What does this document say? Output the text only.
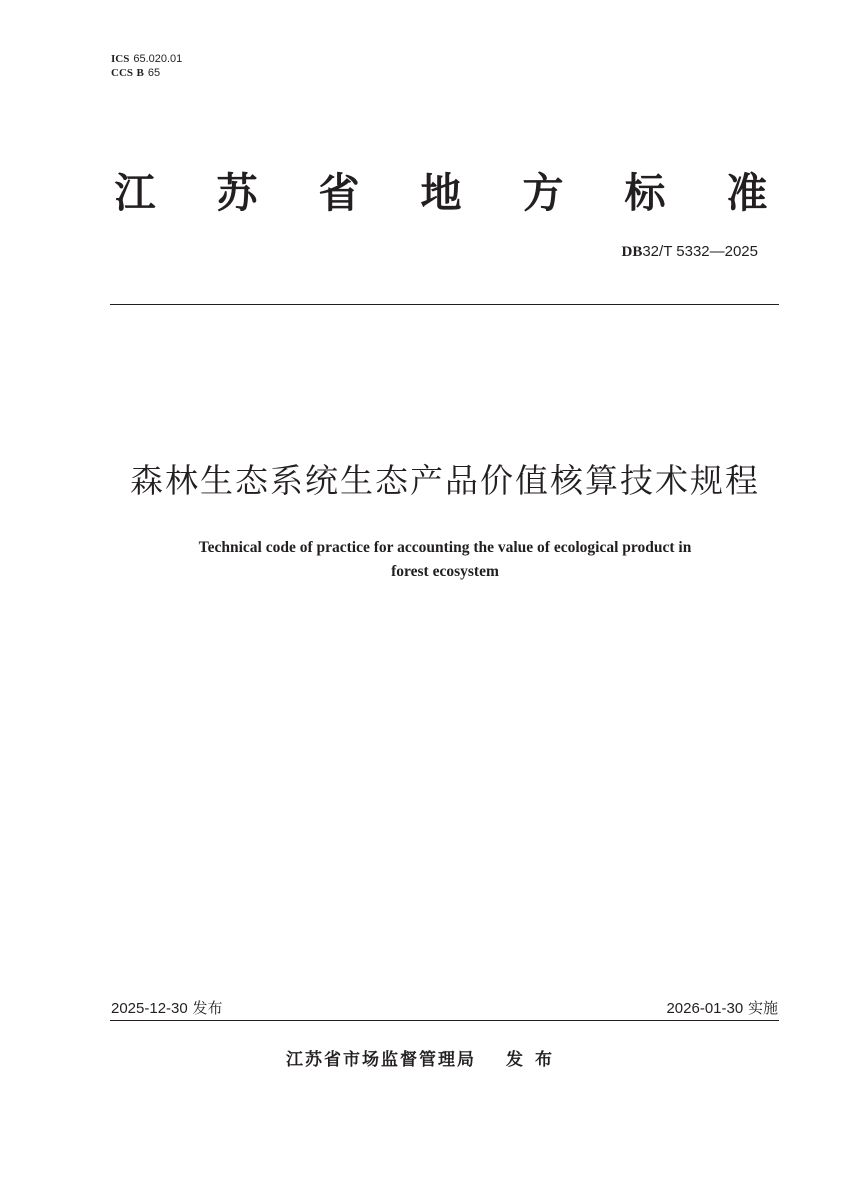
ICS 65.020.01
CCS B 65
江 苏 省 地 方 标 准
DB32/T 5332—2025
森林生态系统生态产品价值核算技术规程
Technical code of practice for accounting the value of ecological product in
forest ecosystem
2025-12-30 发布	2026-01-30 实施
江苏省市场监督管理局 发布
